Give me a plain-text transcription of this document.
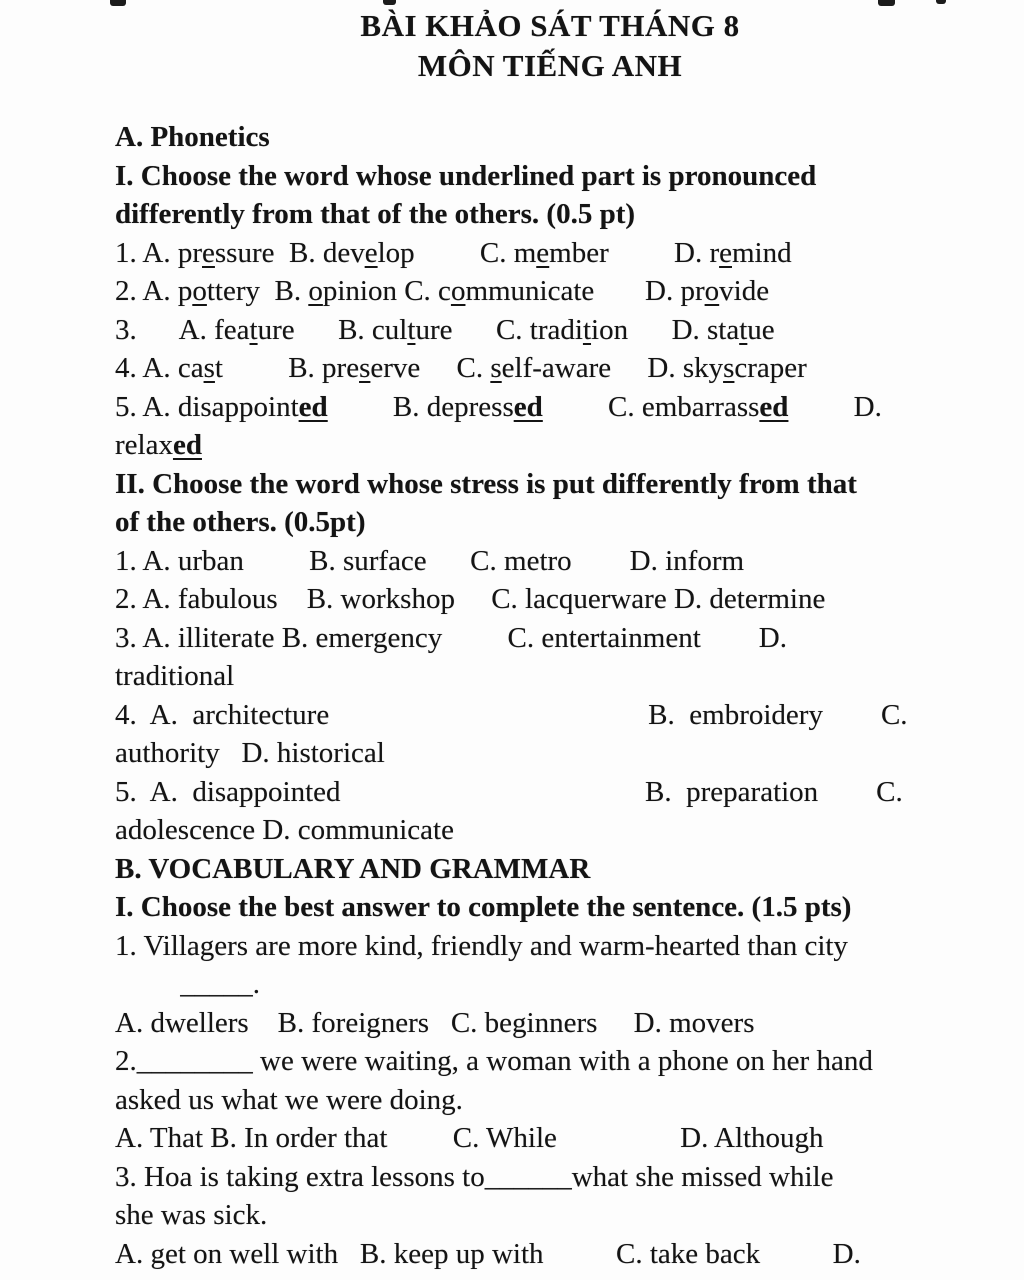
BÀI KHẢO SÁT THÁNG 8
MÔN TIẾNG ANH
A. Phonetics
I. Choose the word whose underlined part is pronounced
differently from that of the others. (0.5 pt)
1. A. pressure  B. develop         C. member         D. remind
2. A. pottery  B. opinion C. communicate       D. provide
3.      A. feature      B. culture      C. tradition      D. statue
4. A. cast         B. preserve     C. self-aware     D. skyscraper
5. A. disappointed         B. depressed         C. embarrassed         D.
relaxed
II. Choose the word whose stress is put differently from that
of the others. (0.5pt)
1. A. urban         B. surface      C. metro        D. inform
2. A. fabulous    B. workshop     C. lacquerware D. determine
3. A. illiterate B. emergency         C. entertainment        D.
traditional
4.  A.  architecture                                            B.  embroidery        C.
authority   D. historical
5.  A.  disappointed                                          B.  preparation        C.
adolescence D. communicate
B. VOCABULARY AND GRAMMAR
I. Choose the best answer to complete the sentence. (1.5 pts)
1. Villagers are more kind, friendly and warm-hearted than city
_____.
A. dwellers    B. foreigners   C. beginners     D. movers
2.________ we were waiting, a woman with a phone on her hand
asked us what we were doing.
A. That B. In order that         C. While                 D. Although
3. Hoa is taking extra lessons to______what she missed while
she was sick.
A. get on well with   B. keep up with          C. take back          D.
